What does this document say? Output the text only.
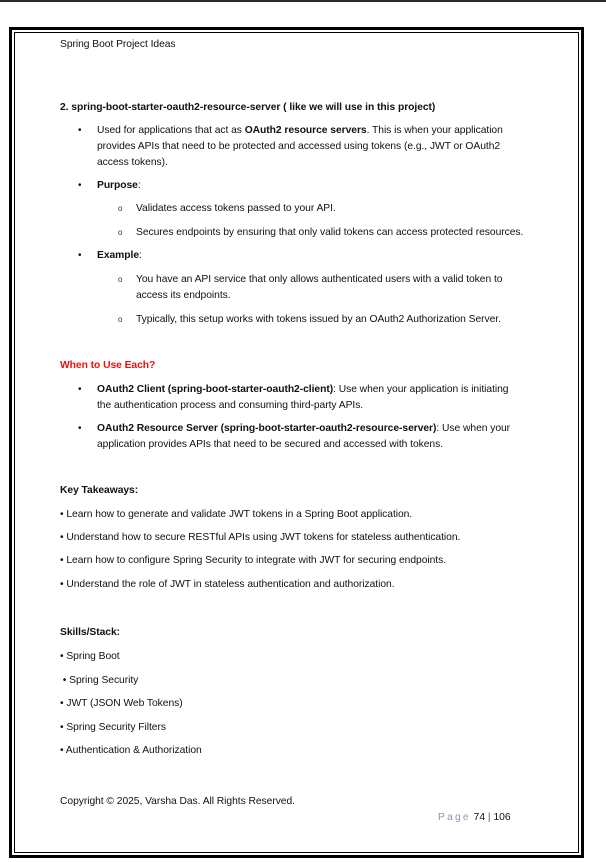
Spring Boot Project Ideas
2. spring-boot-starter-oauth2-resource-server ( like we will use in this project)
• Used for applications that act as OAuth2 resource servers. This is when your application
provides APIs that need to be protected and accessed using tokens (e.g., JWT or OAuth2
access tokens).
• Purpose:
o Validates access tokens passed to your API.
o Secures endpoints by ensuring that only valid tokens can access protected resources.
• Example:
o You have an API service that only allows authenticated users with a valid token to
access its endpoints.
o Typically, this setup works with tokens issued by an OAuth2 Authorization Server.
When to Use Each?
• OAuth2 Client (spring-boot-starter-oauth2-client): Use when your application is initiating
the authentication process and consuming third-party APIs.
• OAuth2 Resource Server (spring-boot-starter-oauth2-resource-server): Use when your
application provides APIs that need to be secured and accessed with tokens.
Key Takeaways:
• Learn how to generate and validate JWT tokens in a Spring Boot application.
• Understand how to secure RESTful APIs using JWT tokens for stateless authentication.
• Learn how to configure Spring Security to integrate with JWT for securing endpoints.
• Understand the role of JWT in stateless authentication and authorization.
Skills/Stack:
• Spring Boot
• Spring Security
• JWT (JSON Web Tokens)
• Spring Security Filters
• Authentication & Authorization
Copyright © 2025, Varsha Das. All Rights Reserved.
Page 74 | 106
